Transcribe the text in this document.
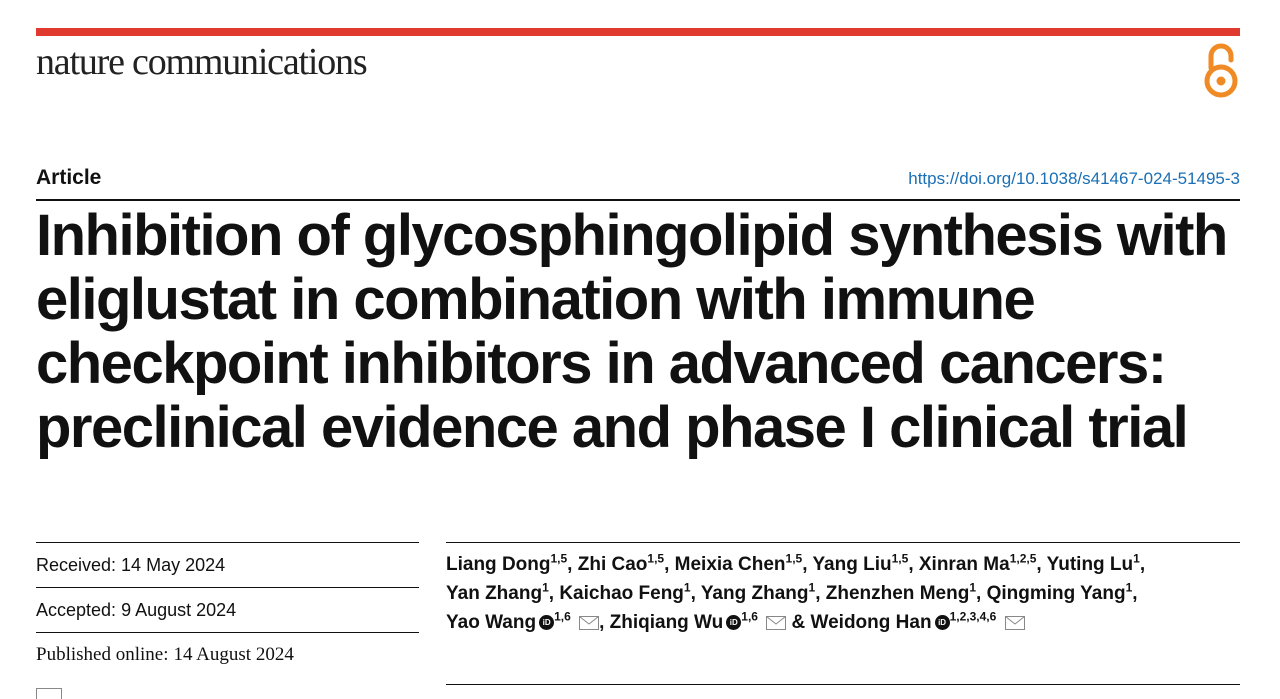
nature communications
Article	https://doi.org/10.1038/s41467-024-51495-3
Inhibition of glycosphingolipid synthesis with eliglustat in combination with immune checkpoint inhibitors in advanced cancers: preclinical evidence and phase I clinical trial
Received: 14 May 2024
Accepted: 9 August 2024
Published online: 14 August 2024
Liang Dong$^{1,5}$, Zhi Cao$^{1,5}$, Meixia Chen$^{1,5}$, Yang Liu$^{1,5}$, Xinran Ma$^{1,2,5}$, Yuting Lu$^1$,
Yan Zhang$^1$, Kaichao Feng$^1$, Yang Zhang$^1$, Zhenzhen Meng$^1$, Qingming Yang$^1$,
Yao Wang iD $^{1,6}$ , Zhiqiang Wu iD $^{1,6}$  & Weidong Han iD $^{1,2,3,4,6}$
